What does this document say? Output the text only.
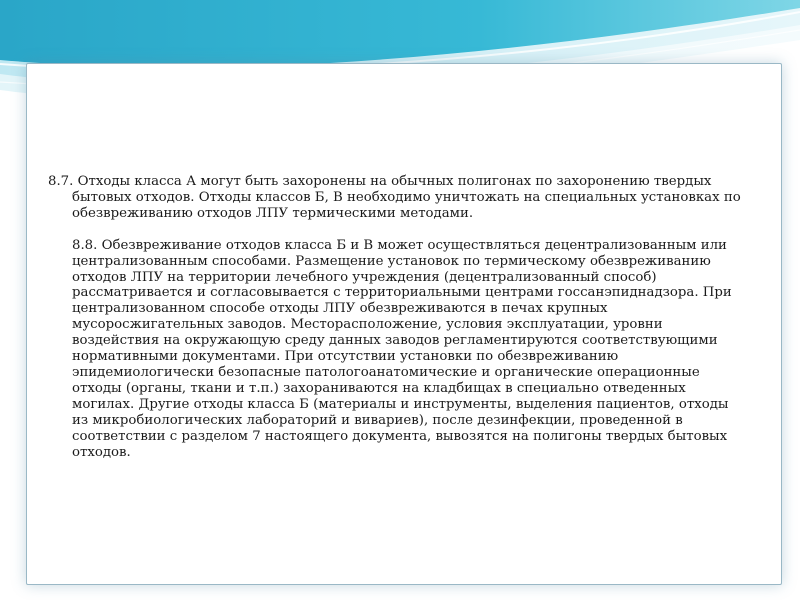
8.7. Отходы класса А могут быть захоронены на обычных полигонах по захоронению твердых бытовых отходов. Отходы классов Б, В необходимо уничтожать на специальных установках по обезвреживанию отходов ЛПУ термическими методами.

8.8. Обезвреживание отходов класса Б и В может осуществляться децентрализованным или централизованным способами. Размещение установок по термическому обезвреживанию отходов ЛПУ на территории лечебного учреждения (децентрализованный способ) рассматривается и согласовывается с территориальными центрами госсанэпиднадзора. При централизованном способе отходы ЛПУ обезвреживаются в печах крупных мусоросжигательных заводов. Месторасположение, условия эксплуатации, уровни воздействия на окружающую среду данных заводов регламентируются соответствующими нормативными документами. При отсутствии установки по обезвреживанию эпидемиологически безопасные патологоанатомические и органические операционные отходы (органы, ткани и т.п.) захораниваются на кладбищах в специально отведенных могилах. Другие отходы класса Б (материалы и инструменты, выделения пациентов, отходы из микробиологических лабораторий и вивариев), после дезинфекции, проведенной в соответствии с разделом 7 настоящего документа, вывозятся на полигоны твердых бытовых отходов.
